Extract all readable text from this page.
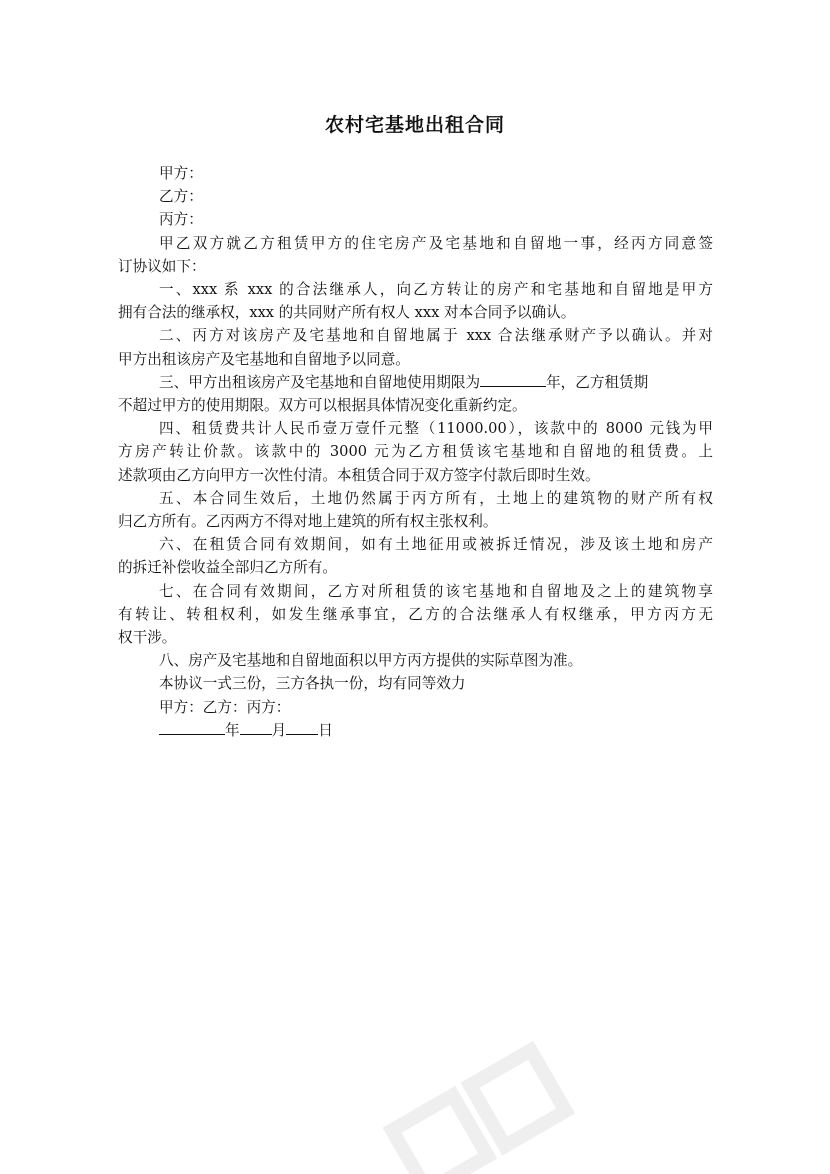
农村宅基地出租合同
甲方：
乙方：
丙方：
甲乙双方就乙方租赁甲方的住宅房产及宅基地和自留地一事，经丙方同意签
订协议如下：
一、xxx 系 xxx 的合法继承人，向乙方转让的房产和宅基地和自留地是甲方
拥有合法的继承权，xxx 的共同财产所有权人 xxx 对本合同予以确认。
二、丙方对该房产及宅基地和自留地属于 xxx 合法继承财产予以确认。并对
甲方出租该房产及宅基地和自留地予以同意。
三、甲方出租该房产及宅基地和自留地使用期限为	年，乙方租赁期
不超过甲方的使用期限。双方可以根据具体情况变化重新约定。
四、租赁费共计人民币壹万壹仟元整（11000.00），该款中的 8000 元钱为甲
方房产转让价款。该款中的 3000 元为乙方租赁该宅基地和自留地的租赁费。上
述款项由乙方向甲方一次性付清。本租赁合同于双方签字付款后即时生效。
五、本合同生效后，土地仍然属于丙方所有，土地上的建筑物的财产所有权
归乙方所有。乙丙两方不得对地上建筑的所有权主张权利。
六、在租赁合同有效期间，如有土地征用或被拆迁情况，涉及该土地和房产
的拆迁补偿收益全部归乙方所有。
七、在合同有效期间，乙方对所租赁的该宅基地和自留地及之上的建筑物享
有转让、转租权利，如发生继承事宜，乙方的合法继承人有权继承，甲方丙方无
权干涉。
八、房产及宅基地和自留地面积以甲方丙方提供的实际草图为准。
本协议一式三份，三方各执一份，均有同等效力
甲方：乙方：丙方：
年 月 日
